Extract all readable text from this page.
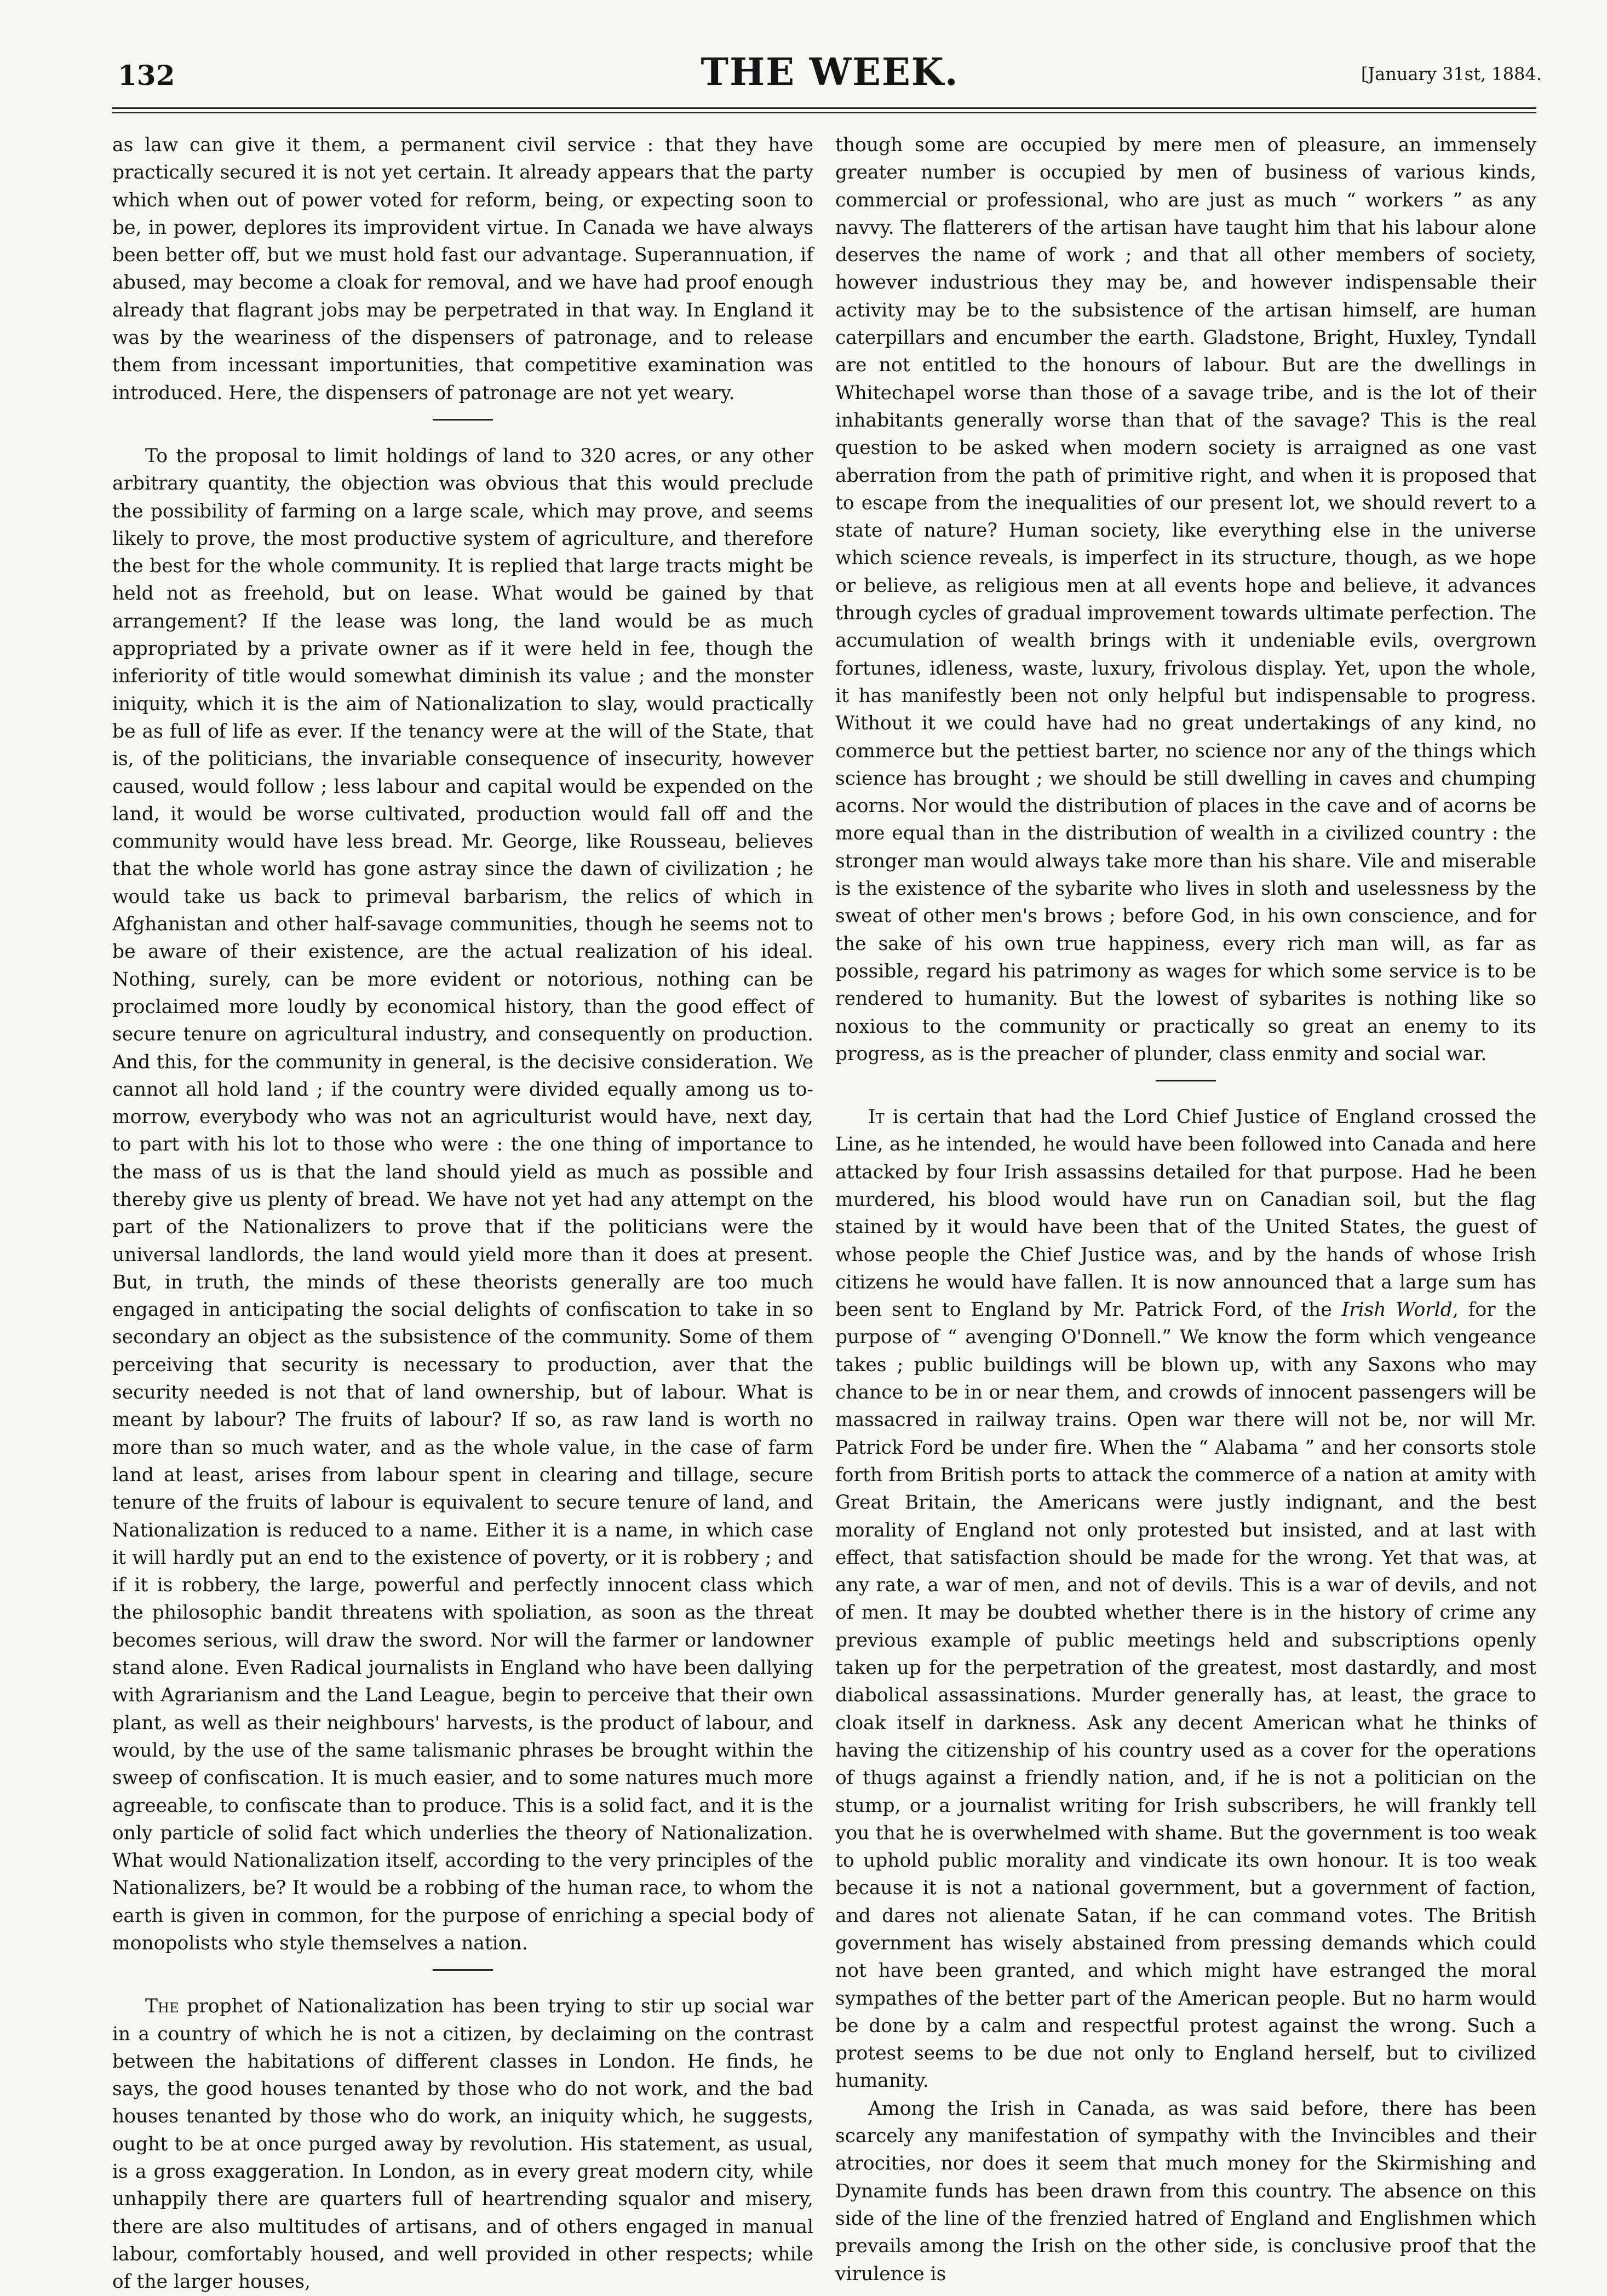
132	THE WEEK.	[January 31st, 1884.

as law can give it them, a permanent civil service : that they have practically secured it is not yet certain. It already appears that the party which when out of power voted for reform, being, or expecting soon to be, in power, deplores its improvident virtue. In Canada we have always been better off, but we must hold fast our advantage. Superannuation, if abused, may become a cloak for removal, and we have had proof enough already that flagrant jobs may be perpetrated in that way. In England it was by the weariness of the dispensers of patronage, and to release them from incessant importunities, that competitive examination was introduced. Here, the dispensers of patronage are not yet weary.

To the proposal to limit holdings of land to 320 acres, or any other arbitrary quantity, the objection was obvious that this would preclude the possibility of farming on a large scale, which may prove, and seems likely to prove, the most productive system of agriculture, and therefore the best for the whole community. It is replied that large tracts might be held not as freehold, but on lease. What would be gained by that arrangement? If the lease was long, the land would be as much appropriated by a private owner as if it were held in fee, though the inferiority of title would somewhat diminish its value ; and the monster iniquity, which it is the aim of Nationalization to slay, would practically be as full of life as ever. If the tenancy were at the will of the State, that is, of the politicians, the invariable consequence of insecurity, however caused, would follow ; less labour and capital would be expended on the land, it would be worse cultivated, production would fall off and the community would have less bread. Mr. George, like Rousseau, believes that the whole world has gone astray since the dawn of civilization ; he would take us back to primeval barbarism, the relics of which in Afghanistan and other half-savage communities, though he seems not to be aware of their existence, are the actual realization of his ideal. Nothing, surely, can be more evident or notorious, nothing can be proclaimed more loudly by economical history, than the good effect of secure tenure on agricultural industry, and consequently on production. And this, for the community in general, is the decisive consideration. We cannot all hold land ; if the country were divided equally among us to-morrow, everybody who was not an agriculturist would have, next day, to part with his lot to those who were : the one thing of importance to the mass of us is that the land should yield as much as possible and thereby give us plenty of bread. We have not yet had any attempt on the part of the Nationalizers to prove that if the politicians were the universal landlords, the land would yield more than it does at present. But, in truth, the minds of these theorists generally are too much engaged in anticipating the social delights of confiscation to take in so secondary an object as the subsistence of the community. Some of them perceiving that security is necessary to production, aver that the security needed is not that of land ownership, but of labour. What is meant by labour? The fruits of labour? If so, as raw land is worth no more than so much water, and as the whole value, in the case of farm land at least, arises from labour spent in clearing and tillage, secure tenure of the fruits of labour is equivalent to secure tenure of land, and Nationalization is reduced to a name. Either it is a name, in which case it will hardly put an end to the existence of poverty, or it is robbery ; and if it is robbery, the large, powerful and perfectly innocent class which the philosophic bandit threatens with spoliation, as soon as the threat becomes serious, will draw the sword. Nor will the farmer or landowner stand alone. Even Radical journalists in England who have been dallying with Agrarianism and the Land League, begin to perceive that their own plant, as well as their neighbours' harvests, is the product of labour, and would, by the use of the same talismanic phrases be brought within the sweep of confiscation. It is much easier, and to some natures much more agreeable, to confiscate than to produce. This is a solid fact, and it is the only particle of solid fact which underlies the theory of Nationalization. What would Nationalization itself, according to the very principles of the Nationalizers, be? It would be a robbing of the human race, to whom the earth is given in common, for the purpose of enriching a special body of monopolists who style themselves a nation.

The prophet of Nationalization has been trying to stir up social war in a country of which he is not a citizen, by declaiming on the contrast between the habitations of different classes in London. He finds, he says, the good houses tenanted by those who do not work, and the bad houses tenanted by those who do work, an iniquity which, he suggests, ought to be at once purged away by revolution. His statement, as usual, is a gross exaggeration. In London, as in every great modern city, while unhappily there are quarters full of heartrending squalor and misery, there are also multitudes of artisans, and of others engaged in manual labour, comfortably housed, and well provided in other respects; while of the larger houses,

though some are occupied by mere men of pleasure, an immensely greater number is occupied by men of business of various kinds, commercial or professional, who are just as much “ workers ” as any navvy. The flatterers of the artisan have taught him that his labour alone deserves the name of work ; and that all other members of society, however industrious they may be, and however indispensable their activity may be to the subsistence of the artisan himself, are human caterpillars and encumber the earth. Gladstone, Bright, Huxley, Tyndall are not entitled to the honours of labour. But are the dwellings in Whitechapel worse than those of a savage tribe, and is the lot of their inhabitants generally worse than that of the savage? This is the real question to be asked when modern society is arraigned as one vast aberration from the path of primitive right, and when it is proposed that to escape from the inequalities of our present lot, we should revert to a state of nature? Human society, like everything else in the universe which science reveals, is imperfect in its structure, though, as we hope or believe, as religious men at all events hope and believe, it advances through cycles of gradual improvement towards ultimate perfection. The accumulation of wealth brings with it undeniable evils, overgrown fortunes, idleness, waste, luxury, frivolous display. Yet, upon the whole, it has manifestly been not only helpful but indispensable to progress. Without it we could have had no great undertakings of any kind, no commerce but the pettiest barter, no science nor any of the things which science has brought ; we should be still dwelling in caves and chumping acorns. Nor would the distribution of places in the cave and of acorns be more equal than in the distribution of wealth in a civilized country : the stronger man would always take more than his share. Vile and miserable is the existence of the sybarite who lives in sloth and uselessness by the sweat of other men's brows ; before God, in his own conscience, and for the sake of his own true happiness, every rich man will, as far as possible, regard his patrimony as wages for which some service is to be rendered to humanity. But the lowest of sybarites is nothing like so noxious to the community or practically so great an enemy to its progress, as is the preacher of plunder, class enmity and social war.

It is certain that had the Lord Chief Justice of England crossed the Line, as he intended, he would have been followed into Canada and here attacked by four Irish assassins detailed for that purpose. Had he been murdered, his blood would have run on Canadian soil, but the flag stained by it would have been that of the United States, the guest of whose people the Chief Justice was, and by the hands of whose Irish citizens he would have fallen. It is now announced that a large sum has been sent to England by Mr. Patrick Ford, of the Irish World, for the purpose of “ avenging O'Donnell.” We know the form which vengeance takes ; public buildings will be blown up, with any Saxons who may chance to be in or near them, and crowds of innocent passengers will be massacred in railway trains. Open war there will not be, nor will Mr. Patrick Ford be under fire. When the “ Alabama ” and her consorts stole forth from British ports to attack the commerce of a nation at amity with Great Britain, the Americans were justly indignant, and the best morality of England not only protested but insisted, and at last with effect, that satisfaction should be made for the wrong. Yet that was, at any rate, a war of men, and not of devils. This is a war of devils, and not of men. It may be doubted whether there is in the history of crime any previous example of public meetings held and subscriptions openly taken up for the perpetration of the greatest, most dastardly, and most diabolical assassinations. Murder generally has, at least, the grace to cloak itself in darkness. Ask any decent American what he thinks of having the citizenship of his country used as a cover for the operations of thugs against a friendly nation, and, if he is not a politician on the stump, or a journalist writing for Irish subscribers, he will frankly tell you that he is overwhelmed with shame. But the government is too weak to uphold public morality and vindicate its own honour. It is too weak because it is not a national government, but a government of faction, and dares not alienate Satan, if he can command votes. The British government has wisely abstained from pressing demands which could not have been granted, and which might have estranged the moral sympathes of the better part of the American people. But no harm would be done by a calm and respectful protest against the wrong. Such a protest seems to be due not only to England herself, but to civilized humanity.

Among the Irish in Canada, as was said before, there has been scarcely any manifestation of sympathy with the Invincibles and their atrocities, nor does it seem that much money for the Skirmishing and Dynamite funds has been drawn from this country. The absence on this side of the line of the frenzied hatred of England and Englishmen which prevails among the Irish on the other side, is conclusive proof that the virulence is
